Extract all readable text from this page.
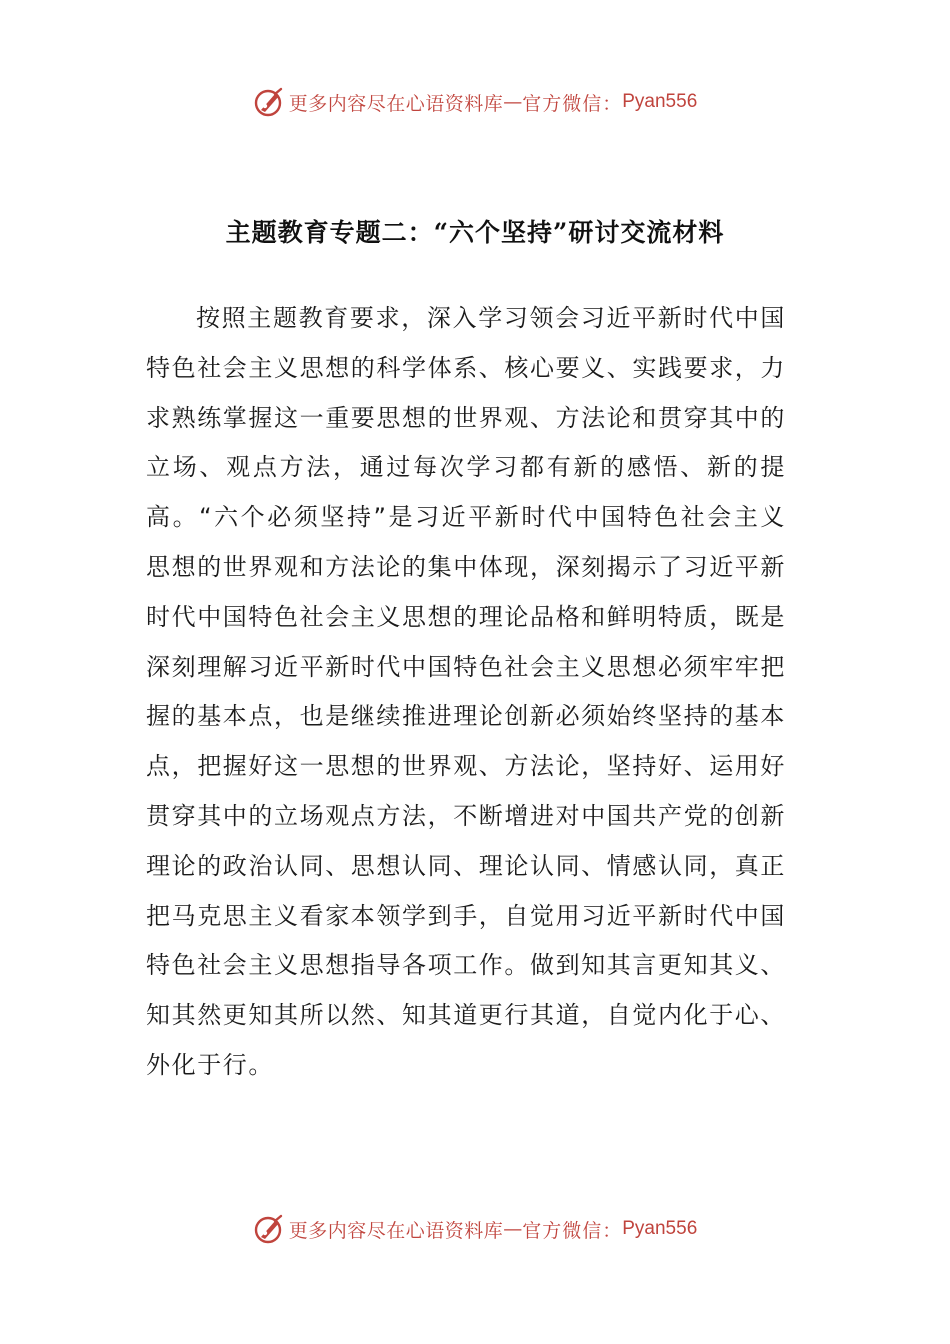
更多内容尽在心语资料库 — 官方微信： Pyan556
主题教育专题二：“六个坚持”研讨交流材料

按照主题教育要求，深入学习领会习近平新时代中国特色社会主义思想的科学体系、核心要义、实践要求，力求熟练掌握这一重要思想的世界观、方法论和贯穿其中的立场、观点方法，通过每次学习都有新的感悟、新的提高。“六个必须坚持”是习近平新时代中国特色社会主义思想的世界观和方法论的集中体现，深刻揭示了习近平新时代中国特色社会主义思想的理论品格和鲜明特质，既是深刻理解习近平新时代中国特色社会主义思想必须牢牢把握的基本点，也是继续推进理论创新必须始终坚持的基本点，把握好这一思想的世界观、方法论，坚持好、运用好贯穿其中的立场观点方法，不断增进对中国共产党的创新理论的政治认同、思想认同、理论认同、情感认同，真正把马克思主义看家本领学到手，自觉用习近平新时代中国特色社会主义思想指导各项工作。做到知其言更知其义、知其然更知其所以然、知其道更行其道，自觉内化于心、外化于行。

更多内容尽在心语资料库 — 官方微信： Pyan556
